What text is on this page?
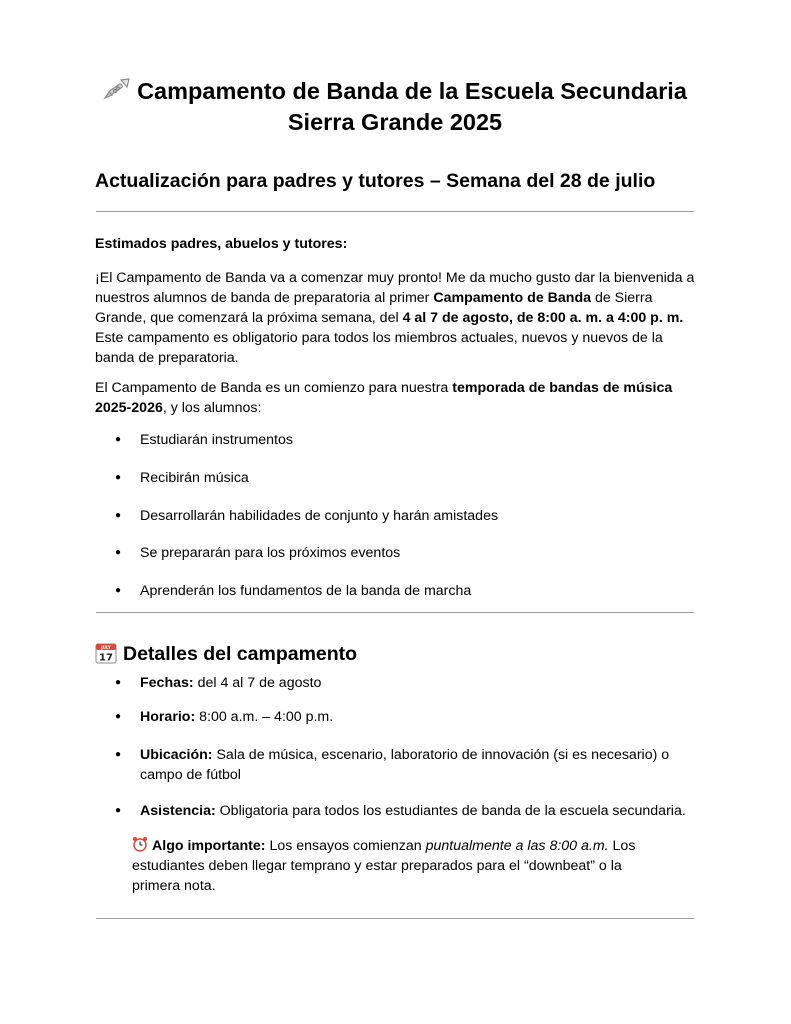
Campamento de Banda de la Escuela Secundaria
Sierra Grande 2025
Actualización para padres y tutores – Semana del 28 de julio
Estimados padres, abuelos y tutores:
¡El Campamento de Banda va a comenzar muy pronto! Me da mucho gusto dar la bienvenida a nuestros alumnos de banda de preparatoria al primer Campamento de Banda de Sierra Grande, que comenzará la próxima semana, del 4 al 7 de agosto, de 8:00 a. m. a 4:00 p. m. Este campamento es obligatorio para todos los miembros actuales, nuevos y nuevos de la banda de preparatoria.
El Campamento de Banda es un comienzo para nuestra temporada de bandas de música 2025-2026, y los alumnos:
● Estudiarán instrumentos
● Recibirán música
● Desarrollarán habilidades de conjunto y harán amistades
● Se prepararán para los próximos eventos
● Aprenderán los fundamentos de la banda de marcha
JULY
17 Detalles del campamento
● Fechas: del 4 al 7 de agosto
● Horario: 8:00 a.m. – 4:00 p.m.
● Ubicación: Sala de música, escenario, laboratorio de innovación (si es necesario) o campo de fútbol
● Asistencia: Obligatoria para todos los estudiantes de banda de la escuela secundaria.
Algo importante: Los ensayos comienzan puntualmente a las 8:00 a.m. Los estudiantes deben llegar temprano y estar preparados para el “downbeat” o la primera nota.
